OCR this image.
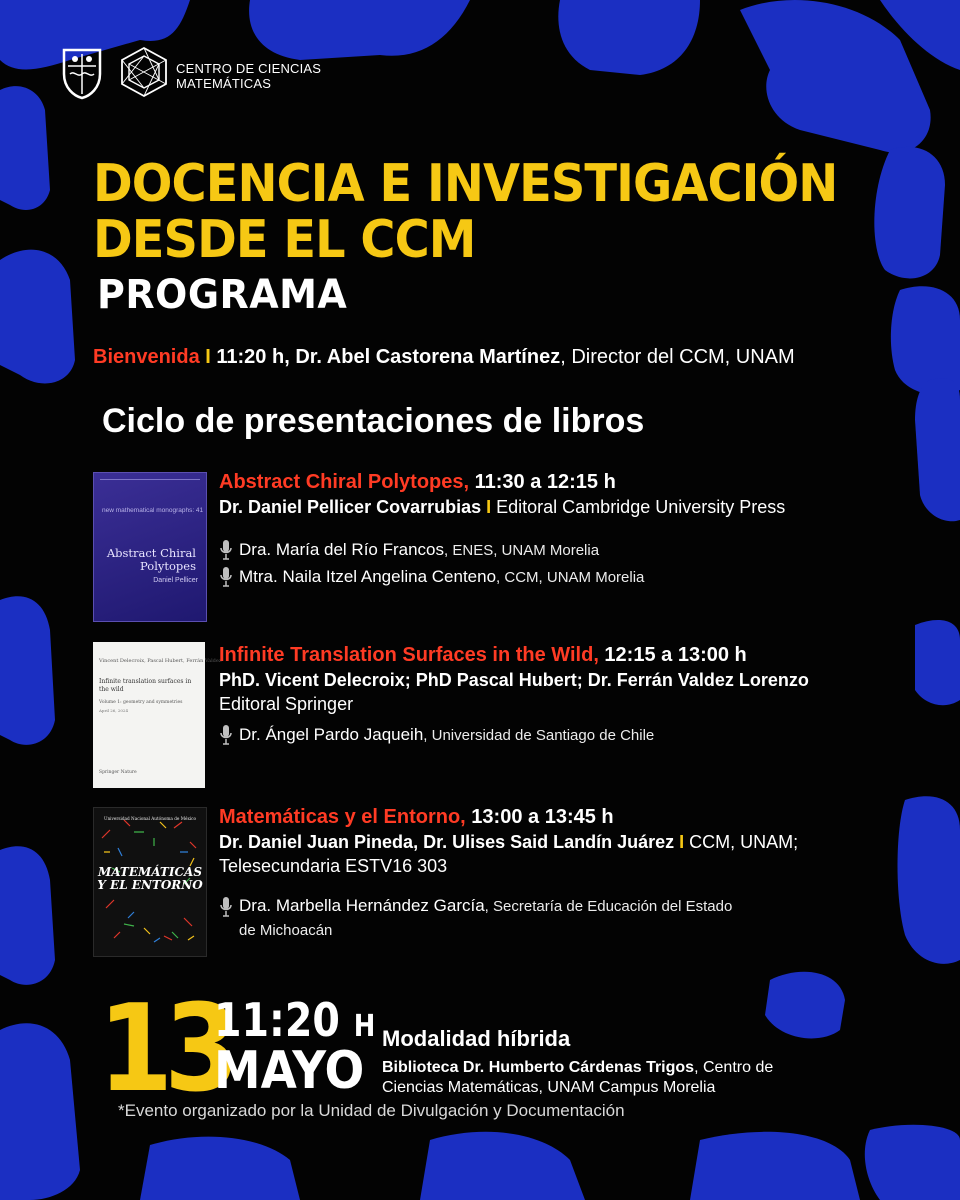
CENTRO DE CIENCIAS
MATEMÁTICAS
DOCENCIA E INVESTIGACIÓN
DESDE EL CCM
PROGRAMA
Bienvenida I 11:20 h, Dr. Abel Castorena Martínez, Director del CCM, UNAM
Ciclo de presentaciones de libros
new mathematical monographs: 41
Abstract Chiral
Polytopes
Daniel Pellicer
Abstract Chiral Polytopes, 11:30 a 12:15 h
Dr. Daniel Pellicer Covarrubias I Editoral Cambridge University Press
Dra. María del Río Francos, ENES, UNAM Morelia
Mtra. Naila Itzel Angelina Centeno, CCM, UNAM Morelia
Vincent Delecroix, Pascal Hubert, Ferrán Valdez
Infinite translation surfaces in
the wild
Volume 1: geometry and symmetries
April 26, 2024
Springer Nature
Infinite Translation Surfaces in the Wild, 12:15 a 13:00 h
PhD. Vicent Delecroix; PhD Pascal Hubert; Dr. Ferrán Valdez Lorenzo
Editoral Springer
Dr. Ángel Pardo Jaqueih, Universidad de Santiago de Chile
Universidad Nacional Autónoma de México
MATEMÁTICAS
Y EL ENTORNO
Matemáticas y el Entorno, 13:00 a 13:45 h
Dr. Daniel Juan Pineda, Dr. Ulises Said Landín Juárez I CCM, UNAM;
Telesecundaria ESTV16 303
Dra. Marbella Hernández García, Secretaría de Educación del Estado
de Michoacán
13
11:20 H
MAYO
Modalidad híbrida
Biblioteca Dr. Humberto Cárdenas Trigos, Centro de Ciencias Matemáticas, UNAM Campus Morelia
*Evento organizado por la Unidad de Divulgación y Documentación
